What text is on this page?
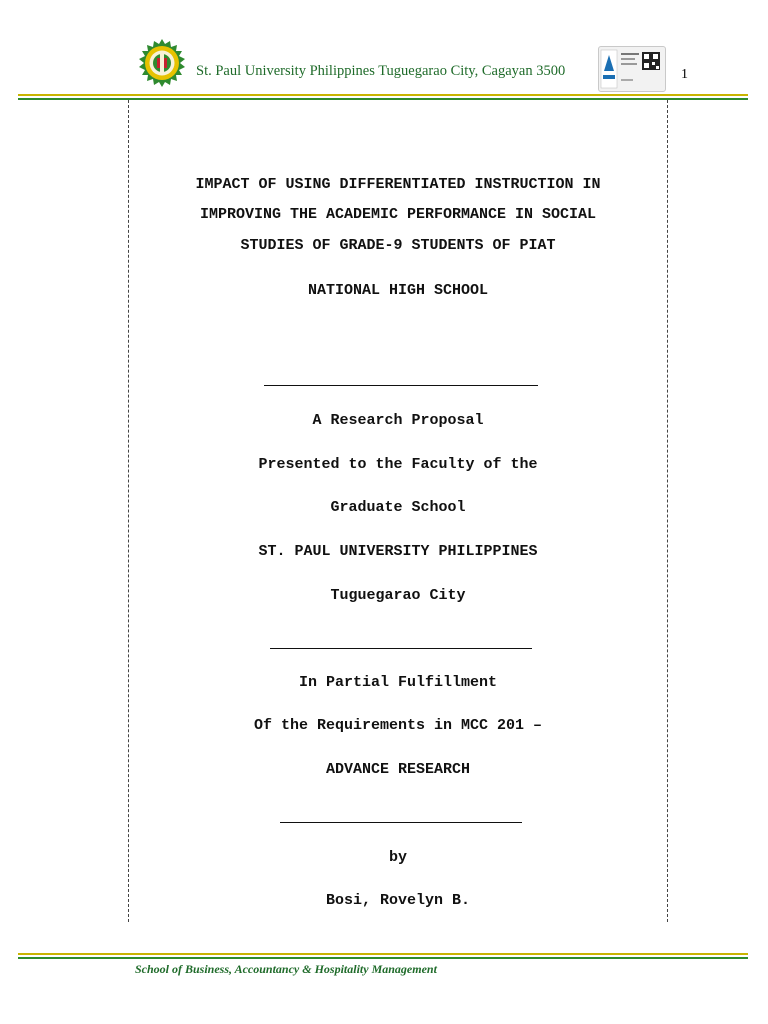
St. Paul University Philippines Tuguegarao City, Cagayan 3500	1
IMPACT OF USING DIFFERENTIATED INSTRUCTION IN
IMPROVING THE ACADEMIC PERFORMANCE IN SOCIAL
STUDIES OF GRADE-9 STUDENTS OF PIAT
NATIONAL HIGH SCHOOL
A Research Proposal
Presented to the Faculty of the
Graduate School
ST. PAUL UNIVERSITY PHILIPPINES
Tuguegarao City
In Partial Fulfillment
Of the Requirements in MCC 201 –
ADVANCE RESEARCH
by
Bosi, Rovelyn B.
School of Business, Accountancy & Hospitality Management
